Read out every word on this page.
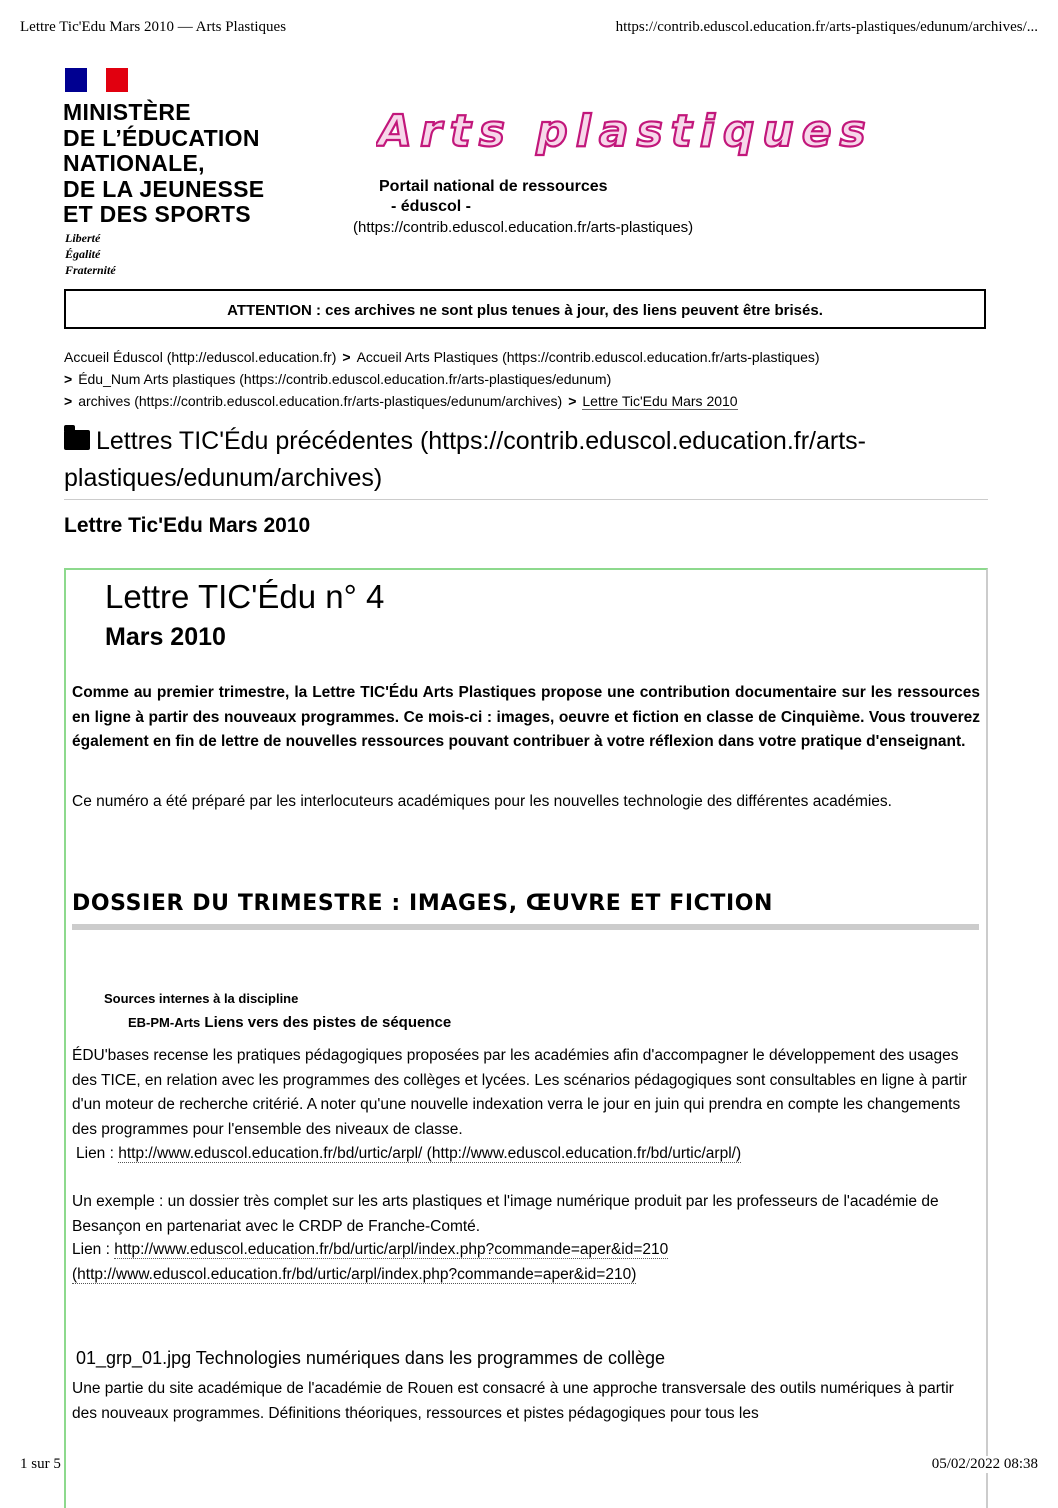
Lettre Tic'Edu Mars 2010 — Arts Plastiques	https://contrib.eduscol.education.fr/arts-plastiques/edunum/archives/...
MINISTÈRE
DE L’ÉDUCATION
NATIONALE,
DE LA JEUNESSE
ET DES SPORTS
Liberté
Égalité
Fraternité
Arts plastiques
Portail national de ressources
- éduscol -
(https://contrib.eduscol.education.fr/arts-plastiques)
ATTENTION : ces archives ne sont plus tenues à jour, des liens peuvent être brisés.
Accueil Éduscol (http://eduscol.education.fr) > Accueil Arts Plastiques (https://contrib.eduscol.education.fr/arts-plastiques)
> Édu_Num Arts plastiques (https://contrib.eduscol.education.fr/arts-plastiques/edunum)
> archives (https://contrib.eduscol.education.fr/arts-plastiques/edunum/archives) > Lettre Tic'Edu Mars 2010
Lettres TIC'Édu précédentes (https://contrib.eduscol.education.fr/arts-plastiques/edunum/archives)
Lettre Tic'Edu Mars 2010
Lettre TIC'Édu n° 4
Mars 2010
Comme au premier trimestre, la Lettre TIC'Édu Arts Plastiques propose une contribution documentaire sur les ressources en ligne à partir des nouveaux programmes. Ce mois-ci : images, oeuvre et fiction en classe de Cinquième. Vous trouverez également en fin de lettre de nouvelles ressources pouvant contribuer à votre réflexion dans votre pratique d'enseignant.
Ce numéro a été préparé par les interlocuteurs académiques pour les nouvelles technologie des différentes académies.
DOSSIER DU TRIMESTRE : IMAGES, ŒUVRE ET FICTION
Sources internes à la discipline
EB-PM-Arts Liens vers des pistes de séquence
ÉDU'bases recense les pratiques pédagogiques proposées par les académies afin d'accompagner le développement des usages des TICE, en relation avec les programmes des collèges et lycées. Les scénarios pédagogiques sont consultables en ligne à partir d'un moteur de recherche critérié. A noter qu'une nouvelle indexation verra le jour en juin qui prendra en compte les changements des programmes pour l'ensemble des niveaux de classe.
Lien : http://www.eduscol.education.fr/bd/urtic/arpl/ (http://www.eduscol.education.fr/bd/urtic/arpl/)
Un exemple : un dossier très complet sur les arts plastiques et l'image numérique produit par les professeurs de l'académie de Besançon en partenariat avec le CRDP de Franche-Comté.
Lien : http://www.eduscol.education.fr/bd/urtic/arpl/index.php?commande=aper&id=210 (http://www.eduscol.education.fr/bd/urtic/arpl/index.php?commande=aper&id=210)
01_grp_01.jpg Technologies numériques dans les programmes de collège
Une partie du site académique de l'académie de Rouen est consacré à une approche transversale des outils numériques à partir des nouveaux programmes. Définitions théoriques, ressources et pistes pédagogiques pour tous les
1 sur 5	05/02/2022 08:38
